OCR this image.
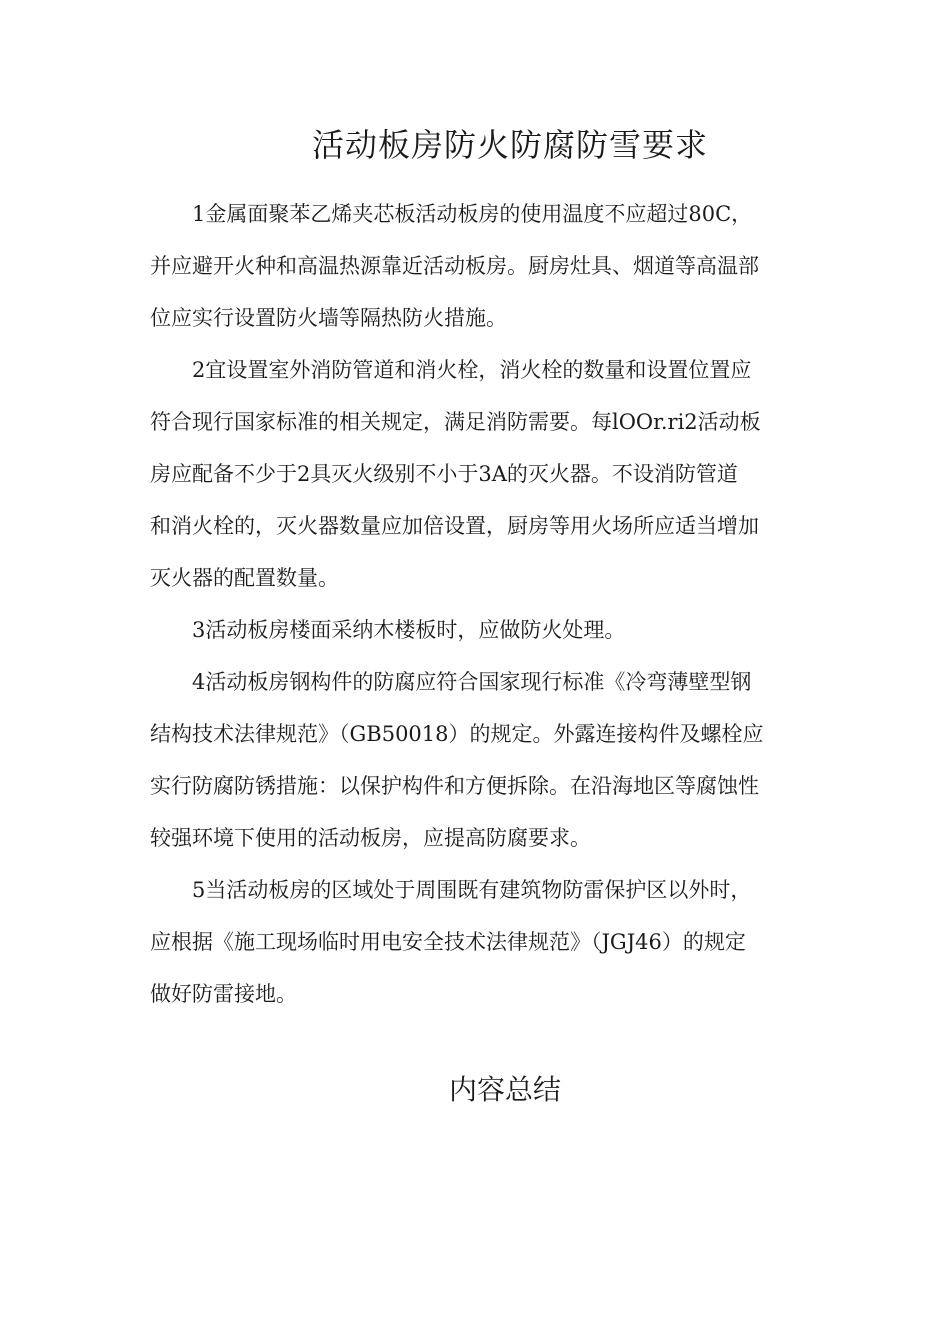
活动板房防火防腐防雪要求

1金属面聚苯乙烯夹芯板活动板房的使用温度不应超过80C，
并应避开火种和高温热源靠近活动板房。厨房灶具、烟道等高温部
位应实行设置防火墙等隔热防火措施。

2宜设置室外消防管道和消火栓，消火栓的数量和设置位置应
符合现行国家标准的相关规定，满足消防需要。每lOOr.ri2活动板
房应配备不少于2具灭火级别不小于3A的灭火器。不设消防管道
和消火栓的，灭火器数量应加倍设置，厨房等用火场所应适当增加
灭火器的配置数量。

3活动板房楼面采纳木楼板时，应做防火处理。

4活动板房钢构件的防腐应符合国家现行标准《冷弯薄壁型钢
结构技术法律规范》（GB50018）的规定。外露连接构件及螺栓应
实行防腐防锈措施：以保护构件和方便拆除。在沿海地区等腐蚀性
较强环境下使用的活动板房，应提高防腐要求。

5当活动板房的区域处于周围既有建筑物防雷保护区以外时，
应根据《施工现场临时用电安全技术法律规范》（JGJ46）的规定
做好防雷接地。

内容总结
